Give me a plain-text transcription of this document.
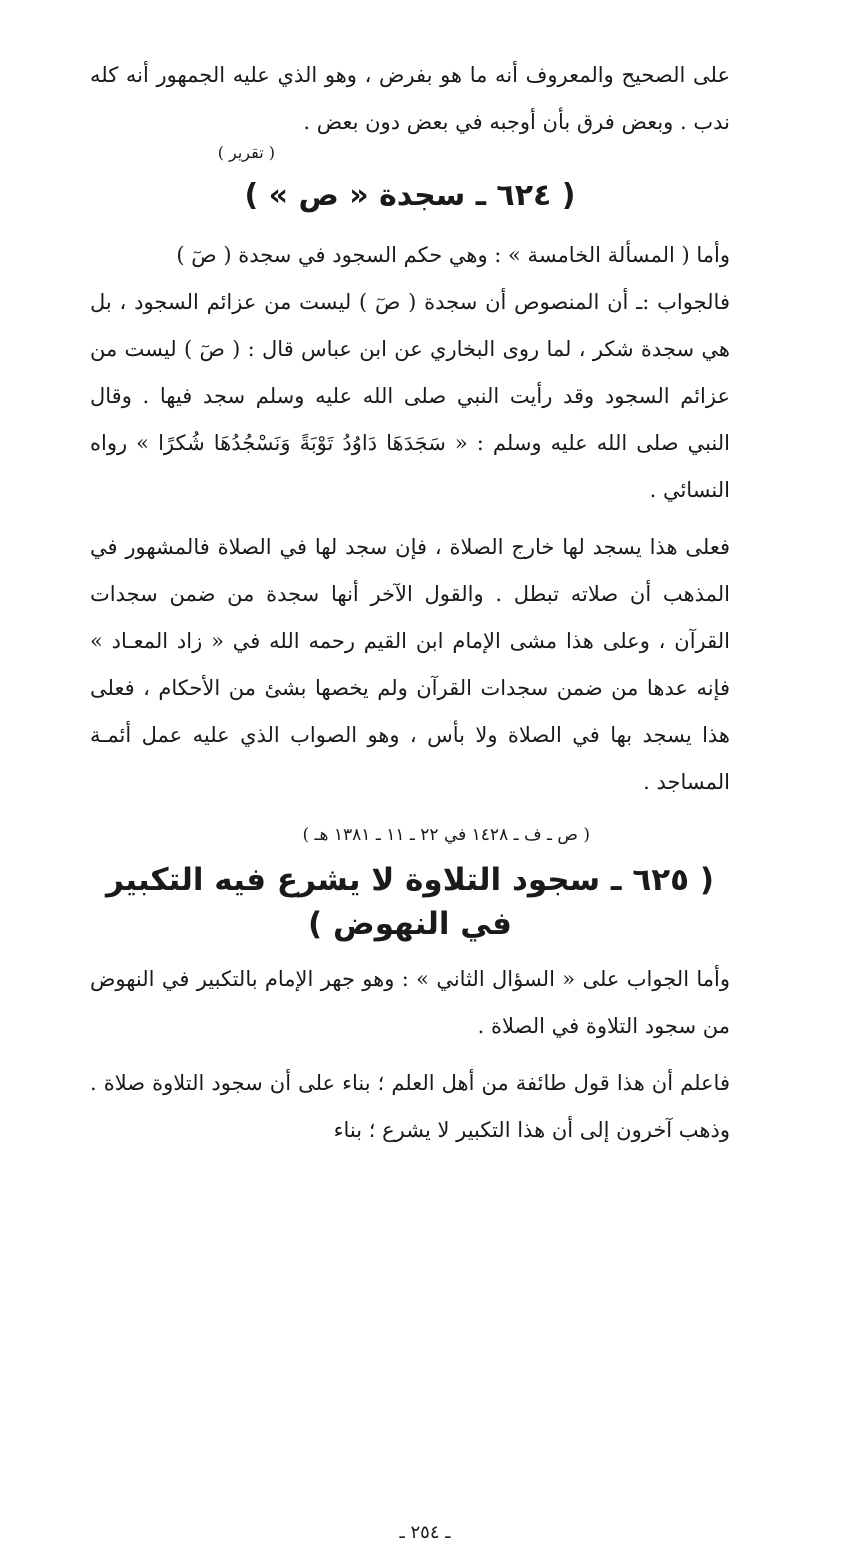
على الصحيح والمعروف أنه ما هو بفرض ، وهو الذي عليه الجمهور أنه كله ندب . وبعض فرق بأن أوجبه في بعض دون بعض .

( تقرير )
( ٦٢٤ ـ سجدة « ص » )

وأما ( المسألة الخامسة » : وهي حكم السجود في سجدة ( صٓ )

فالجواب :ـ أن المنصوص أن سجدة ( صٓ ) ليست من عزائم السجود ، بل هي سجدة شكر ، لما روى البخاري عن ابن عباس قال : ( صٓ ) ليست من عزائم السجود وقد رأيت النبي صلى الله عليه وسلم سجد فيها . وقال النبي صلى الله عليه وسلم : « سَجَدَهَا دَاوُدُ تَوْبَةً وَنَسْجُدُهَا شُكرًا » رواه النسائي .

فعلى هذا يسجد لها خارج الصلاة ، فإن سجد لها في الصلاة فالمشهور في المذهب أن صلاته تبطل . والقول الآخر أنها سجدة من ضمن سجدات القرآن ، وعلى هذا مشى الإمام ابن القيم رحمه الله في « زاد المعـاد » فإنه عدها من ضمن سجدات القرآن ولم يخصها بشئ من الأحكام ، فعلى هذا يسجد بها في الصلاة ولا بأس ، وهو الصواب الذي عليه عمل أئمـة المساجد .

( ص ـ ف ـ ١٤٢٨ في ٢٢ ـ ١١ ـ ١٣٨١ هـ )
( ٦٢٥ ـ سجود التلاوة لا يشرع فيه التكبير في النهوض )

وأما الجواب على « السؤال الثاني » : وهو جهر الإمام بالتكبير في النهوض من سجود التلاوة في الصلاة .

فاعلم أن هذا قول طائفة من أهل العلم ؛ بناء على أن سجود التلاوة صلاة . وذهب آخرون إلى أن هذا التكبير لا يشرع ؛ بناء

ـ ٢٥٤ ـ
